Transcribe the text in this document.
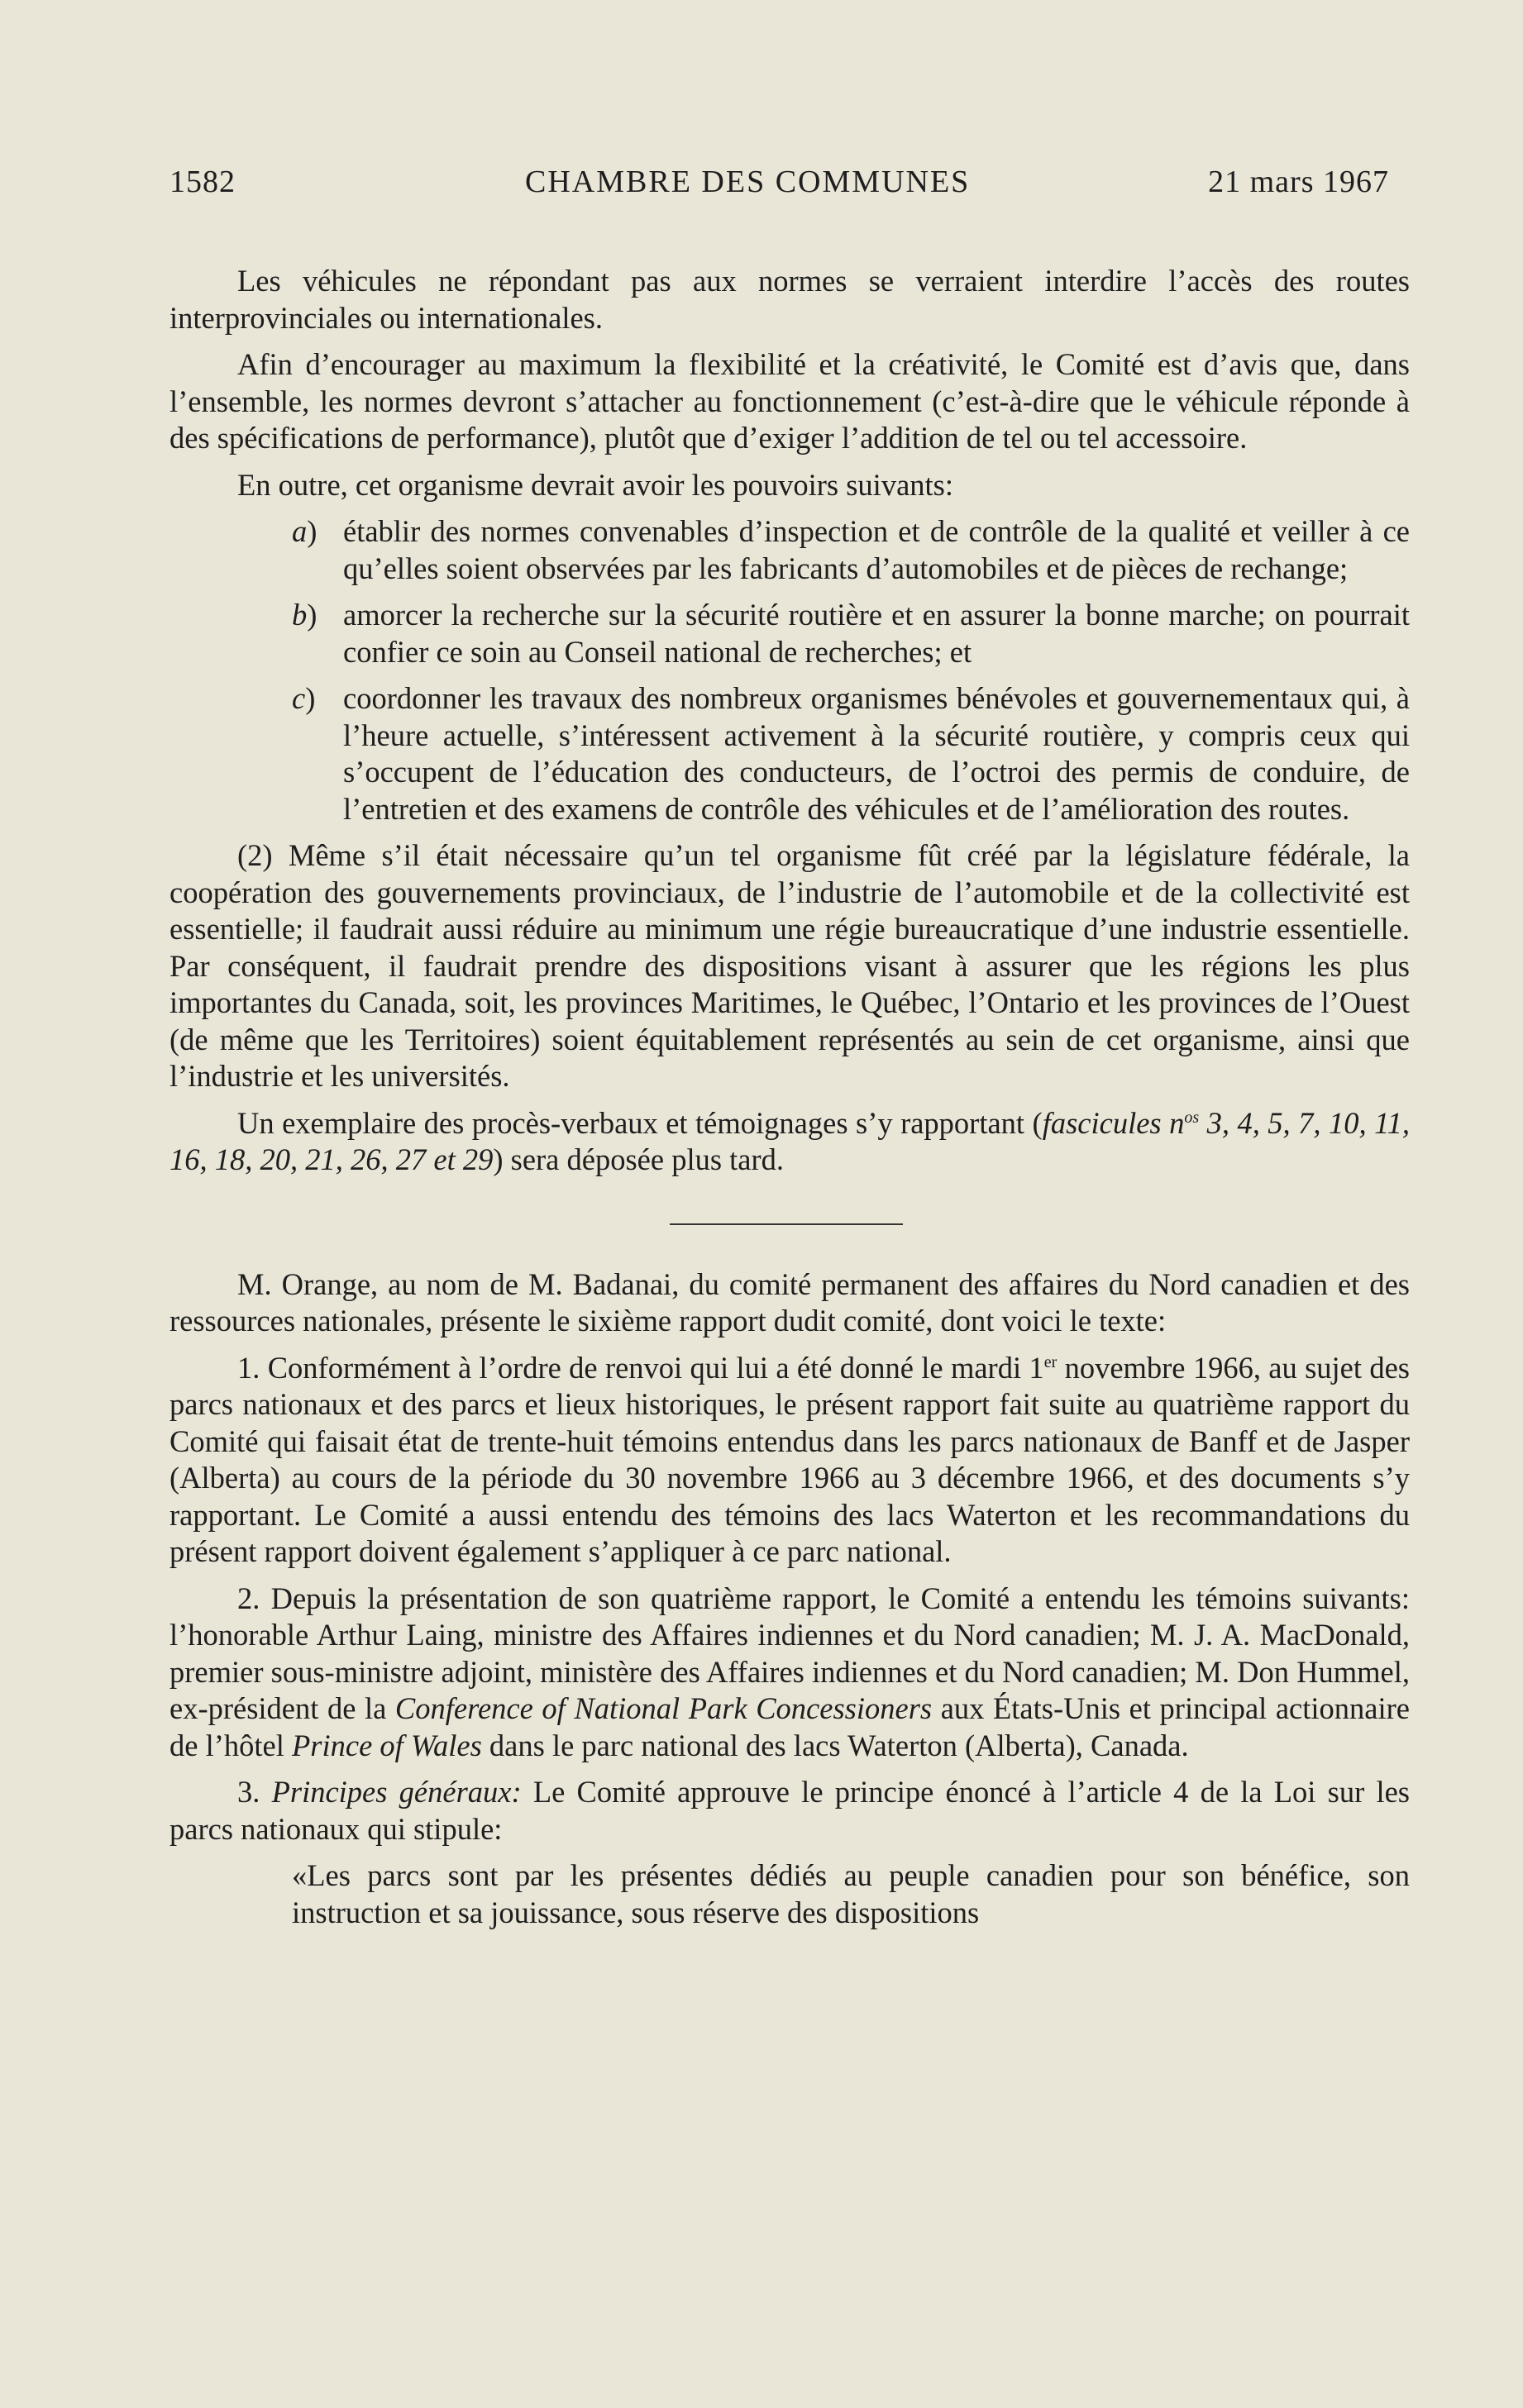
1582	CHAMBRE DES COMMUNES	21 mars 1967

Les véhicules ne répondant pas aux normes se verraient interdire l’accès des routes interprovinciales ou internationales.

Afin d’encourager au maximum la flexibilité et la créativité, le Comité est d’avis que, dans l’ensemble, les normes devront s’attacher au fonctionnement (c’est-à-dire que le véhicule réponde à des spécifications de performance), plutôt que d’exiger l’addition de tel ou tel accessoire.

En outre, cet organisme devrait avoir les pouvoirs suivants:

a) établir des normes convenables d’inspection et de contrôle de la qualité et veiller à ce qu’elles soient observées par les fabricants d’automobiles et de pièces de rechange;
b) amorcer la recherche sur la sécurité routière et en assurer la bonne marche; on pourrait confier ce soin au Conseil national de recherches; et
c) coordonner les travaux des nombreux organismes bénévoles et gouvernementaux qui, à l’heure actuelle, s’intéressent activement à la sécurité routière, y compris ceux qui s’occupent de l’éducation des conducteurs, de l’octroi des permis de conduire, de l’entretien et des examens de contrôle des véhicules et de l’amélioration des routes.

(2) Même s’il était nécessaire qu’un tel organisme fût créé par la législature fédérale, la coopération des gouvernements provinciaux, de l’industrie de l’automobile et de la collectivité est essentielle; il faudrait aussi réduire au minimum une régie bureaucratique d’une industrie essentielle. Par conséquent, il faudrait prendre des dispositions visant à assurer que les régions les plus importantes du Canada, soit, les provinces Maritimes, le Québec, l’Ontario et les provinces de l’Ouest (de même que les Territoires) soient équitablement représentés au sein de cet organisme, ainsi que l’industrie et les universités.

Un exemplaire des procès-verbaux et témoignages s’y rapportant (fascicules $n^{os}$ 3, 4, 5, 7, 10, 11, 16, 18, 20, 21, 26, 27 et 29) sera déposée plus tard.

M. Orange, au nom de M. Badanai, du comité permanent des affaires du Nord canadien et des ressources nationales, présente le sixième rapport dudit comité, dont voici le texte:

1. Conformément à l’ordre de renvoi qui lui a été donné le mardi 1er novembre 1966, au sujet des parcs nationaux et des parcs et lieux historiques, le présent rapport fait suite au quatrième rapport du Comité qui faisait état de trente-huit témoins entendus dans les parcs nationaux de Banff et de Jasper (Alberta) au cours de la période du 30 novembre 1966 au 3 décembre 1966, et des documents s’y rapportant. Le Comité a aussi entendu des témoins des lacs Waterton et les recommandations du présent rapport doivent également s’appliquer à ce parc national.

2. Depuis la présentation de son quatrième rapport, le Comité a entendu les témoins suivants: l’honorable Arthur Laing, ministre des Affaires indiennes et du Nord canadien; M. J. A. MacDonald, premier sous-ministre adjoint, ministère des Affaires indiennes et du Nord canadien; M. Don Hummel, ex-président de la Conference of National Park Concessioners aux États-Unis et principal actionnaire de l’hôtel Prince of Wales dans le parc national des lacs Waterton (Alberta), Canada.

3. Principes généraux: Le Comité approuve le principe énoncé à l’article 4 de la Loi sur les parcs nationaux qui stipule:

«Les parcs sont par les présentes dédiés au peuple canadien pour son bénéfice, son instruction et sa jouissance, sous réserve des dispositions
